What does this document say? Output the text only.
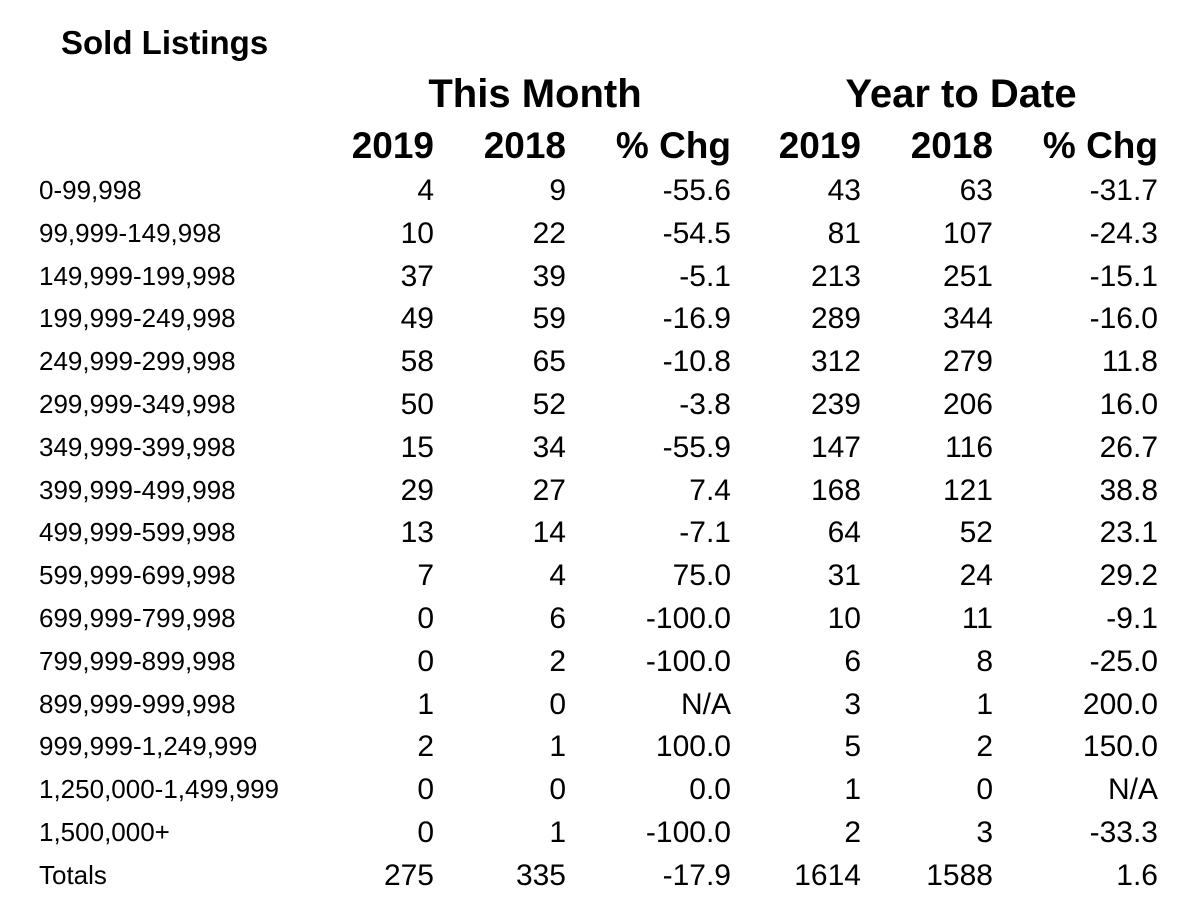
Sold Listings
This Month	Year to Date
2019	2018	% Chg	2019	2018	% Chg
0-99,998	4	9	-55.6	43	63	-31.7
99,999-149,998	10	22	-54.5	81	107	-24.3
149,999-199,998	37	39	-5.1	213	251	-15.1
199,999-249,998	49	59	-16.9	289	344	-16.0
249,999-299,998	58	65	-10.8	312	279	11.8
299,999-349,998	50	52	-3.8	239	206	16.0
349,999-399,998	15	34	-55.9	147	116	26.7
399,999-499,998	29	27	7.4	168	121	38.8
499,999-599,998	13	14	-7.1	64	52	23.1
599,999-699,998	7	4	75.0	31	24	29.2
699,999-799,998	0	6	-100.0	10	11	-9.1
799,999-899,998	0	2	-100.0	6	8	-25.0
899,999-999,998	1	0	N/A	3	1	200.0
999,999-1,249,999	2	1	100.0	5	2	150.0
1,250,000-1,499,999	0	0	0.0	1	0	N/A
1,500,000+	0	1	-100.0	2	3	-33.3
Totals	275	335	-17.9	1614	1588	1.6
